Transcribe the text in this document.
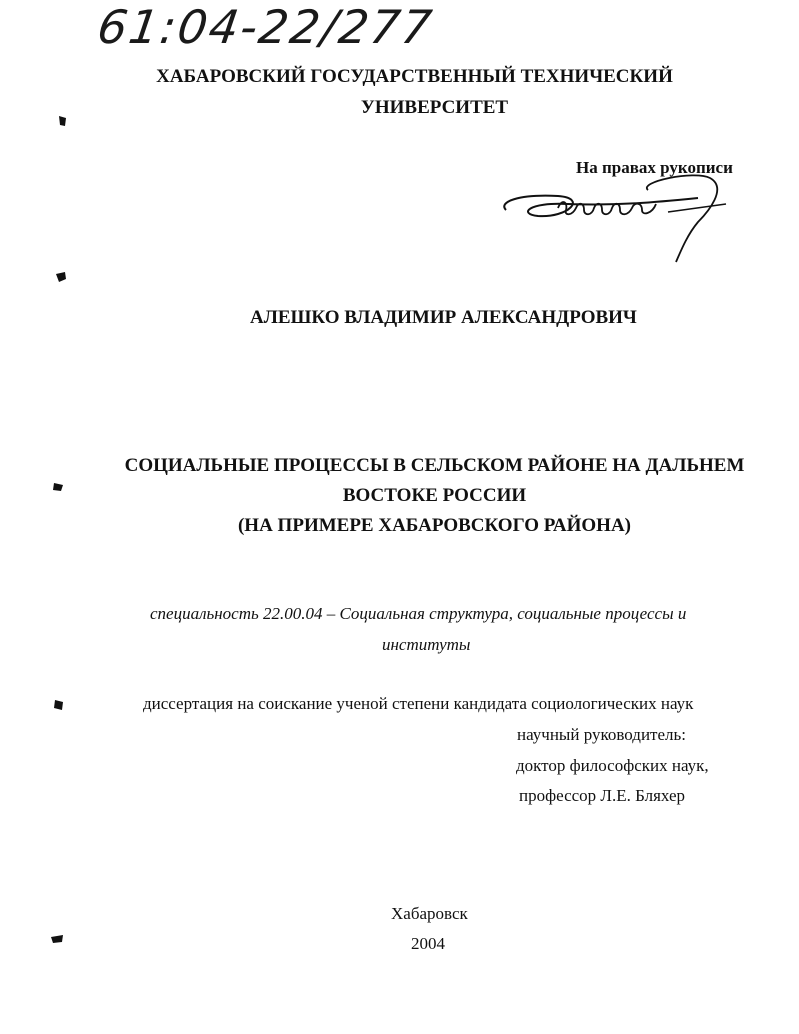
61:04-22/277
ХАБАРОВСКИЙ ГОСУДАРСТВЕННЫЙ ТЕХНИЧЕСКИЙ
УНИВЕРСИТЕТ
На правах рукописи
АЛЕШКО ВЛАДИМИР АЛЕКСАНДРОВИЧ
СОЦИАЛЬНЫЕ ПРОЦЕССЫ В СЕЛЬСКОМ РАЙОНЕ НА ДАЛЬНЕМ
ВОСТОКЕ РОССИИ
(НА ПРИМЕРЕ ХАБАРОВСКОГО РАЙОНА)
специальность 22.00.04 – Социальная структура, социальные процессы и
институты
диссертация на соискание ученой степени кандидата социологических наук
научный руководитель:
доктор философских наук,
профессор Л.Е. Бляхер
Хабаровск
2004
